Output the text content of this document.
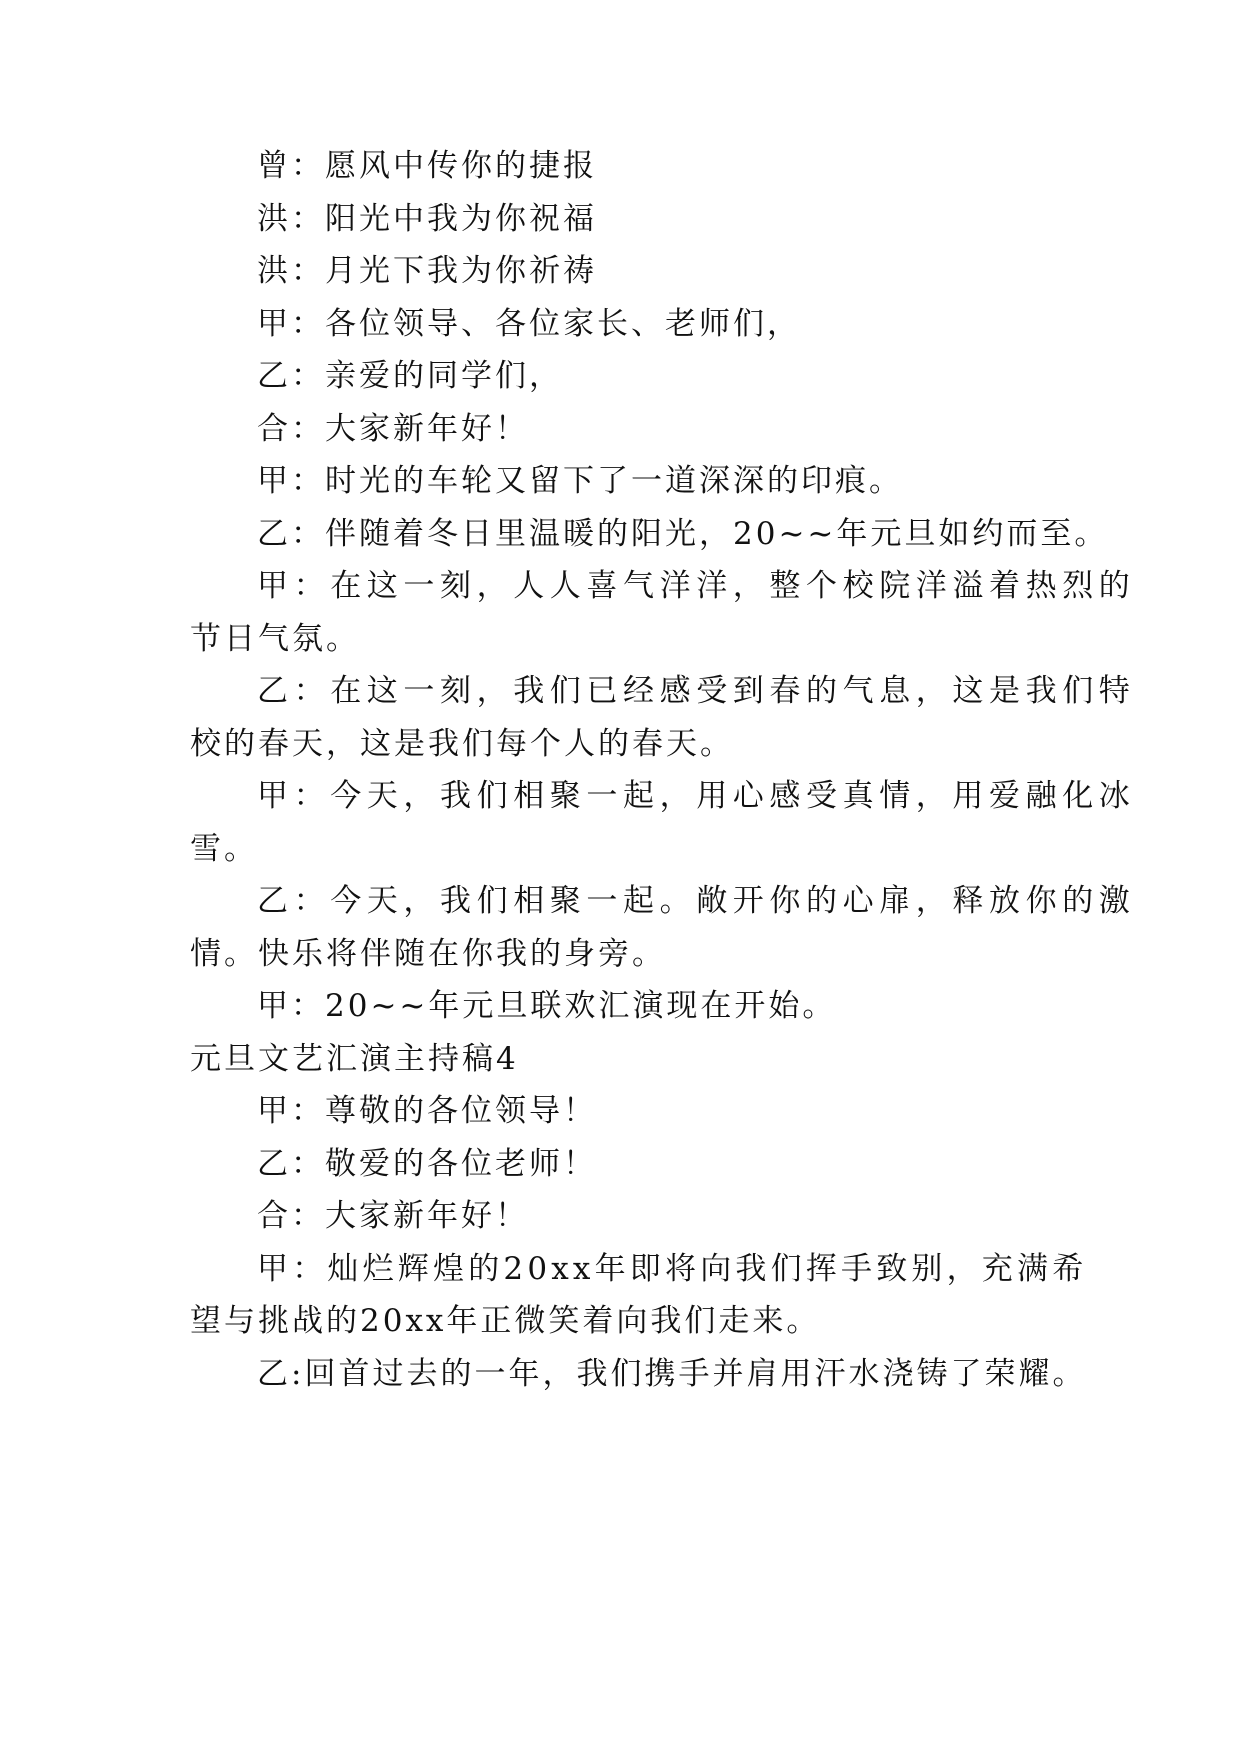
曾：愿风中传你的捷报
洪：阳光中我为你祝福
洪：月光下我为你祈祷
甲：各位领导、各位家长、老师们，
乙：亲爱的同学们，
合：大家新年好！
甲：时光的车轮又留下了一道深深的印痕。
乙：伴随着冬日里温暖的阳光，20~~年元旦如约而至。
甲：在这一刻，人人喜气洋洋，整个校院洋溢着热烈的
节日气氛。
乙：在这一刻，我们已经感受到春的气息，这是我们特
校的春天，这是我们每个人的春天。
甲：今天，我们相聚一起，用心感受真情，用爱融化冰
雪。
乙：今天，我们相聚一起。敞开你的心扉，释放你的激
情。快乐将伴随在你我的身旁。
甲：20~~年元旦联欢汇演现在开始。
元旦文艺汇演主持稿4
甲：尊敬的各位领导！
乙：敬爱的各位老师！
合：大家新年好！
甲：灿烂辉煌的20xx年即将向我们挥手致别，充满希
望与挑战的20xx年正微笑着向我们走来。
乙:回首过去的一年，我们携手并肩用汗水浇铸了荣耀。
